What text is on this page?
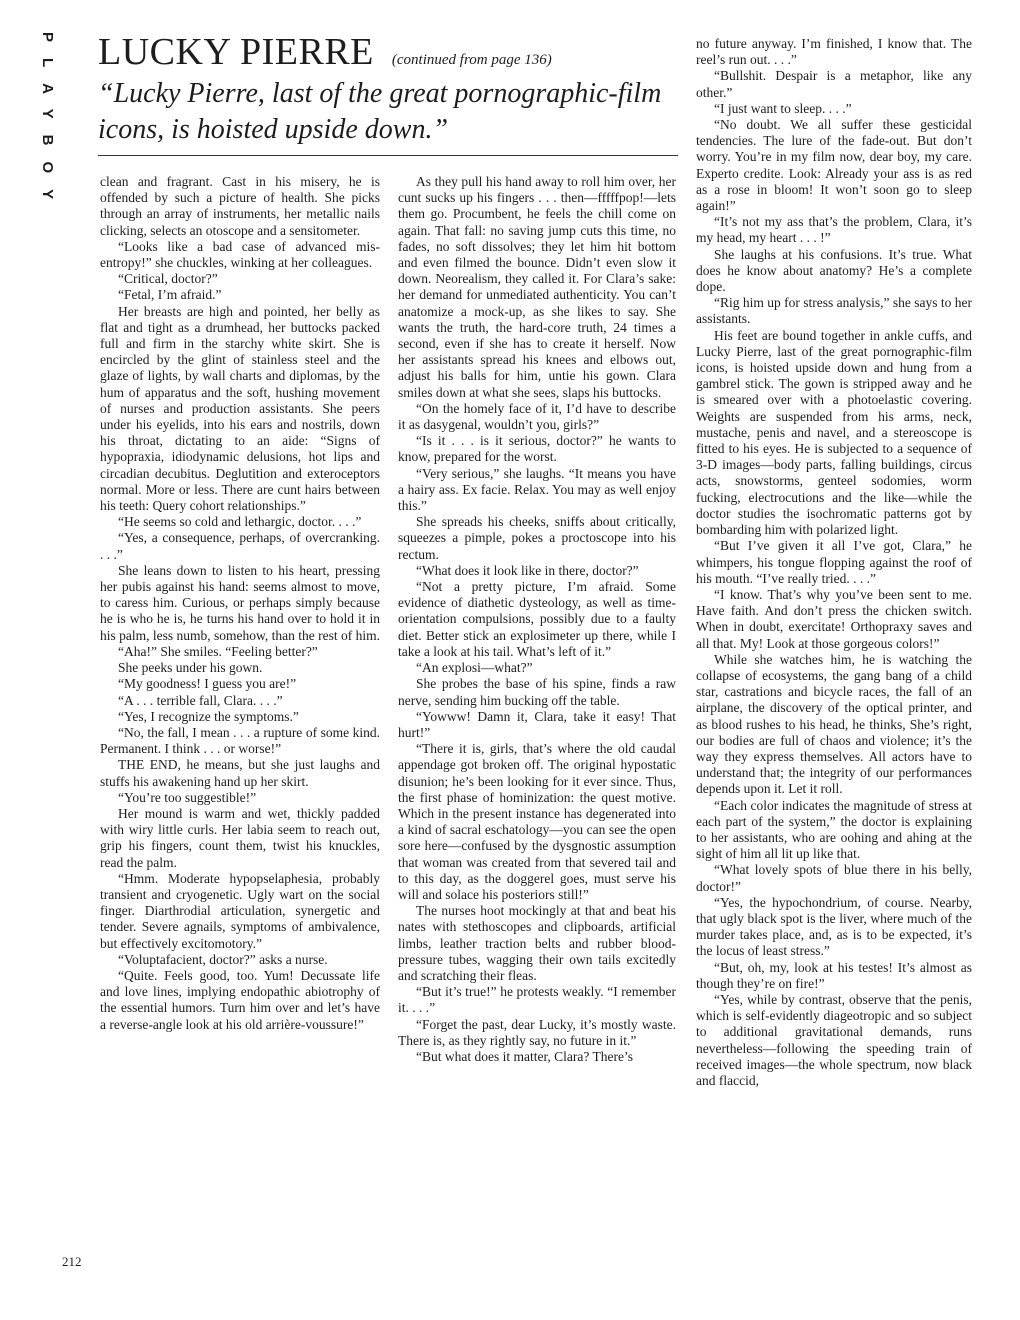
PLAYBOY LUCKY PIERRE (continued from page 136)
“Lucky Pierre, last of the great pornographic-film icons, is hoisted upside down.”

clean and fragrant. Cast in his misery, he is offended by such a picture of health. She picks through an array of instruments, her metallic nails clicking, selects an otoscope and a sensitometer.

“Looks like a bad case of advanced mis-entropy!” she chuckles, winking at her colleagues.

“Critical, doctor?”

“Fetal, I’m afraid.”

Her breasts are high and pointed, her belly as flat and tight as a drumhead, her buttocks packed full and firm in the starchy white skirt. She is encircled by the glint of stainless steel and the glaze of lights, by wall charts and diplomas, by the hum of apparatus and the soft, hushing movement of nurses and production assistants. She peers under his eyelids, into his ears and nostrils, down his throat, dictating to an aide: “Signs of hypopraxia, idiodynamic delusions, hot lips and circadian decubitus. Deglutition and exteroceptors normal. More or less. There are cunt hairs between his teeth: Query cohort relationships.”

“He seems so cold and lethargic, doctor. . . .”

“Yes, a consequence, perhaps, of overcranking. . . .”

She leans down to listen to his heart, pressing her pubis against his hand: seems almost to move, to caress him. Curious, or perhaps simply because he is who he is, he turns his hand over to hold it in his palm, less numb, somehow, than the rest of him.

“Aha!” She smiles. “Feeling better?”

She peeks under his gown.

“My goodness! I guess you are!”

“A . . . terrible fall, Clara. . . .”

“Yes, I recognize the symptoms.”

“No, the fall, I mean . . . a rupture of some kind. Permanent. I think . . . or worse!”

THE END, he means, but she just laughs and stuffs his awakening hand up her skirt.

“You’re too suggestible!”

Her mound is warm and wet, thickly padded with wiry little curls. Her labia seem to reach out, grip his fingers, count them, twist his knuckles, read the palm.

“Hmm. Moderate hypopselaphesia, probably transient and cryogenetic. Ugly wart on the social finger. Diarthrodial articulation, synergetic and tender. Severe agnails, symptoms of ambivalence, but effectively excitomotory.”

“Voluptafacient, doctor?” asks a nurse.

“Quite. Feels good, too. Yum! Decussate life and love lines, implying endopathic abiotrophy of the essential humors. Turn him over and let’s have a reverse-angle look at his old arrière-voussure!”

As they pull his hand away to roll him over, her cunt sucks up his fingers . . . then—fffffpop!—lets them go. Procumbent, he feels the chill come on again. That fall: no saving jump cuts this time, no fades, no soft dissolves; they let him hit bottom and even filmed the bounce. Didn’t even slow it down. Neorealism, they called it. For Clara’s sake: her demand for unmediated authenticity. You can’t anatomize a mock-up, as she likes to say. She wants the truth, the hard-core truth, 24 times a second, even if she has to create it herself. Now her assistants spread his knees and elbows out, adjust his balls for him, untie his gown. Clara smiles down at what she sees, slaps his buttocks.

“On the homely face of it, I’d have to describe it as dasygenal, wouldn’t you, girls?”

“Is it . . . is it serious, doctor?” he wants to know, prepared for the worst.

“Very serious,” she laughs. “It means you have a hairy ass. Ex facie. Relax. You may as well enjoy this.”

She spreads his cheeks, sniffs about critically, squeezes a pimple, pokes a proctoscope into his rectum.

“What does it look like in there, doctor?”

“Not a pretty picture, I’m afraid. Some evidence of diathetic dysteology, as well as time-orientation compulsions, possibly due to a faulty diet. Better stick an explosimeter up there, while I take a look at his tail. What’s left of it.”

“An explosi—what?”

She probes the base of his spine, finds a raw nerve, sending him bucking off the table.

“Yowww! Damn it, Clara, take it easy! That hurt!”

“There it is, girls, that’s where the old caudal appendage got broken off. The original hypostatic disunion; he’s been looking for it ever since. Thus, the first phase of hominization: the quest motive. Which in the present instance has degenerated into a kind of sacral eschatology—you can see the open sore here—confused by the dysgnostic assumption that woman was created from that severed tail and to this day, as the doggerel goes, must serve his will and solace his posteriors still!”

The nurses hoot mockingly at that and beat his nates with stethoscopes and clipboards, artificial limbs, leather traction belts and rubber blood-pressure tubes, wagging their own tails excitedly and scratching their fleas.

“But it’s true!” he protests weakly. “I remember it. . . .”

“Forget the past, dear Lucky, it’s mostly waste. There is, as they rightly say, no future in it.”

“But what does it matter, Clara? There’s

no future anyway. I’m finished, I know that. The reel’s run out. . . .”

“Bullshit. Despair is a metaphor, like any other.”

“I just want to sleep. . . .”

“No doubt. We all suffer these gesticidal tendencies. The lure of the fade-out. But don’t worry. You’re in my film now, dear boy, my care. Experto credite. Look: Already your ass is as red as a rose in bloom! It won’t soon go to sleep again!”

“It’s not my ass that’s the problem, Clara, it’s my head, my heart . . . !”

She laughs at his confusions. It’s true. What does he know about anatomy? He’s a complete dope.

“Rig him up for stress analysis,” she says to her assistants.

His feet are bound together in ankle cuffs, and Lucky Pierre, last of the great pornographic-film icons, is hoisted upside down and hung from a gambrel stick. The gown is stripped away and he is smeared over with a photoelastic covering. Weights are suspended from his arms, neck, mustache, penis and navel, and a stereoscope is fitted to his eyes. He is subjected to a sequence of 3-D images—body parts, falling buildings, circus acts, snowstorms, genteel sodomies, worm fucking, electrocutions and the like—while the doctor studies the isochromatic patterns got by bombarding him with polarized light.

“But I’ve given it all I’ve got, Clara,” he whimpers, his tongue flopping against the roof of his mouth. “I’ve really tried. . . .”

“I know. That’s why you’ve been sent to me. Have faith. And don’t press the chicken switch. When in doubt, exercitate! Orthopraxy saves and all that. My! Look at those gorgeous colors!”

While she watches him, he is watching the collapse of ecosystems, the gang bang of a child star, castrations and bicycle races, the fall of an airplane, the discovery of the optical printer, and as blood rushes to his head, he thinks, She’s right, our bodies are full of chaos and violence; it’s the way they express themselves. All actors have to understand that; the integrity of our performances depends upon it. Let it roll.

“Each color indicates the magnitude of stress at each part of the system,” the doctor is explaining to her assistants, who are oohing and ahing at the sight of him all lit up like that.

“What lovely spots of blue there in his belly, doctor!”

“Yes, the hypochondrium, of course. Nearby, that ugly black spot is the liver, where much of the murder takes place, and, as is to be expected, it’s the locus of least stress.”

“But, oh, my, look at his testes! It’s almost as though they’re on fire!”

“Yes, while by contrast, observe that the penis, which is self-evidently diageotropic and so subject to additional gravitational demands, runs nevertheless—following the speeding train of received images—the whole spectrum, now black and flaccid,

212
